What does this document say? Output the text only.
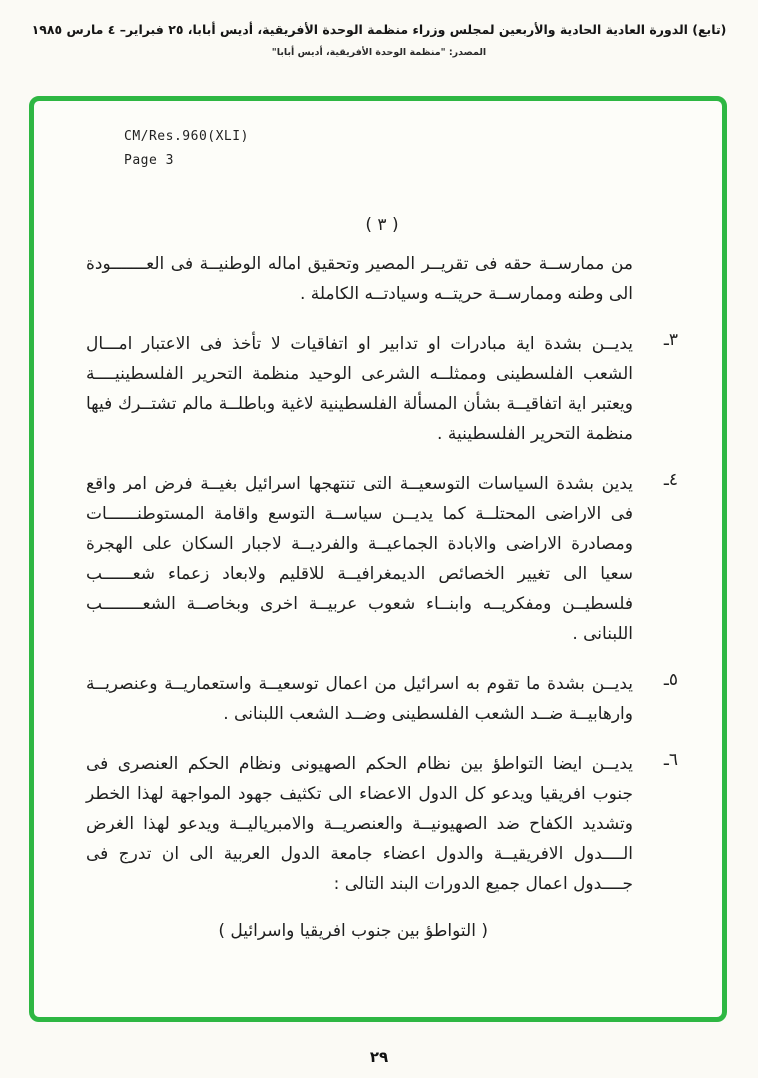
(تابع) الدورة العادية الحادية والأربعين لمجلس وزراء منظمة الوحدة الأفريقية، أديس أبابا، ٢٥ فبراير– ٤ مارس ١٩٨٥
المصدر: "منظمة الوحدة الأفريقية، أديس أبابا"
CM/Res.960(XLI)
Page 3
( ٣ )
من ممارســة حقه فى تقريــر المصير وتحقيق اماله الوطنيــة فى العـــــــودة الى وطنه وممارســة حريتــه وسيادتــه الكاملة .
٣ـ
يديــن بشدة اية مبادرات او تدابير او اتفاقيات لا تأخذ فى الاعتبار امـــال الشعب الفلسطينى وممثلــه الشرعى الوحيد منظمة التحرير الفلسطينيــــة ويعتبر اية اتفاقيــة بشأن المسألة الفلسطينية لاغية وباطلــة مالم تشتــرك فيها منظمة التحرير الفلسطينية .
٤ـ
يدين بشدة السياسات التوسعيــة التى تنتهجها اسرائيل بغيــة فرض امر واقع فى الاراضى المحتلــة كما يديــن سياســة التوسع واقامة المستوطنــــــات ومصادرة الاراضى والابادة الجماعيــة والفرديــة لاجبار السكان على الهجرة سعيا الى تغيير الخصائص الديمغرافيــة للاقليم ولابعاد زعماء شعــــــب فلسطيــن ومفكريــه وابنــاء شعوب عربيــة اخرى وبخاصــة الشعــــــــب اللبنانى .
٥ـ
يديــن بشدة ما تقوم به اسرائيل من اعمال توسعيــة واستعماريــة وعنصريــة وارهابيــة ضــد الشعب الفلسطينى وضــد الشعب اللبنانى .
٦ـ
يديــن ايضا التواطؤ بين نظام الحكم الصهيونى ونظام الحكم العنصرى فى جنوب افريقيا ويدعو كل الدول الاعضاء الى تكثيف جهود المواجهة لهذا الخطر وتشديد الكفاح ضد الصهيونيــة والعنصريــة والامبرياليــة ويدعو لهذا الغرض الــــدول الافريقيــة والدول اعضاء جامعة الدول العربية الى ان تدرج فى جــــدول اعمال جميع الدورات البند التالى :
( التواطؤ بين جنوب افريقيا واسرائيل )
٢٩
